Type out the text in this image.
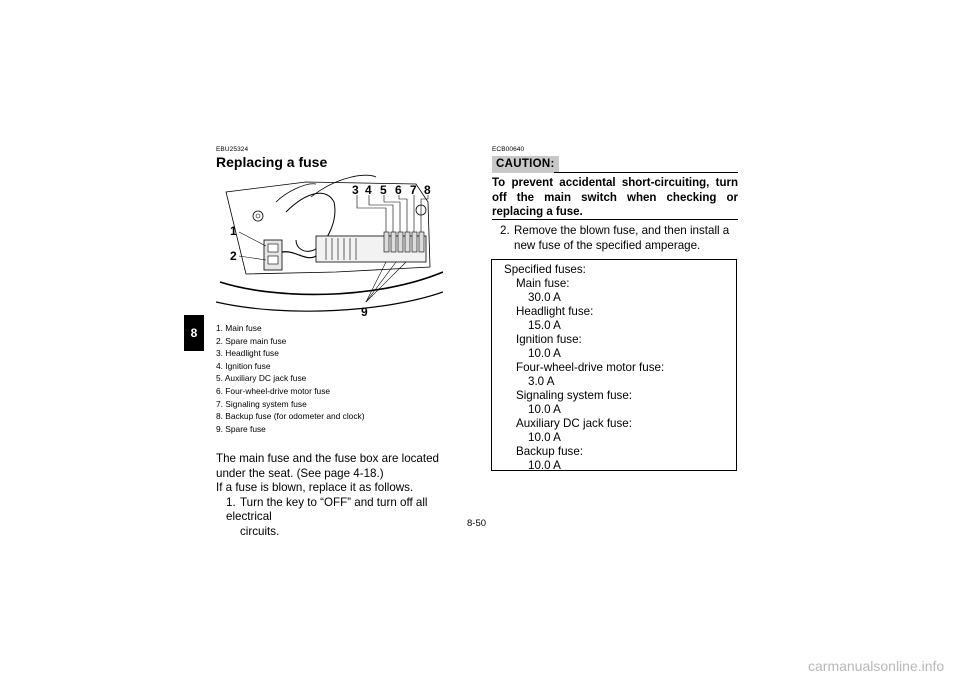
8
EBU25324
Replacing a fuse
1
2
3 4 5 6 7 8
9
1. Main fuse
2. Spare main fuse
3. Headlight fuse
4. Ignition fuse
5. Auxiliary DC jack fuse
6. Four-wheel-drive motor fuse
7. Signaling system fuse
8. Backup fuse (for odometer and clock)
9. Spare fuse
The main fuse and the fuse box are located under the seat. (See page 4-18.)
If a fuse is blown, replace it as follows.
1. Turn the key to “OFF” and turn off all electrical
circuits.
ECB00640
CAUTION:
To prevent accidental short-circuiting, turn off the main switch when checking or replacing a fuse.
2. Remove the blown fuse, and then install a
new fuse of the specified amperage.
Specified fuses:
Main fuse:
30.0 A
Headlight fuse:
15.0 A
Ignition fuse:
10.0 A
Four-wheel-drive motor fuse:
3.0 A
Signaling system fuse:
10.0 A
Auxiliary DC jack fuse:
10.0 A
Backup fuse:
10.0 A
8-50
carmanualsonline.info
